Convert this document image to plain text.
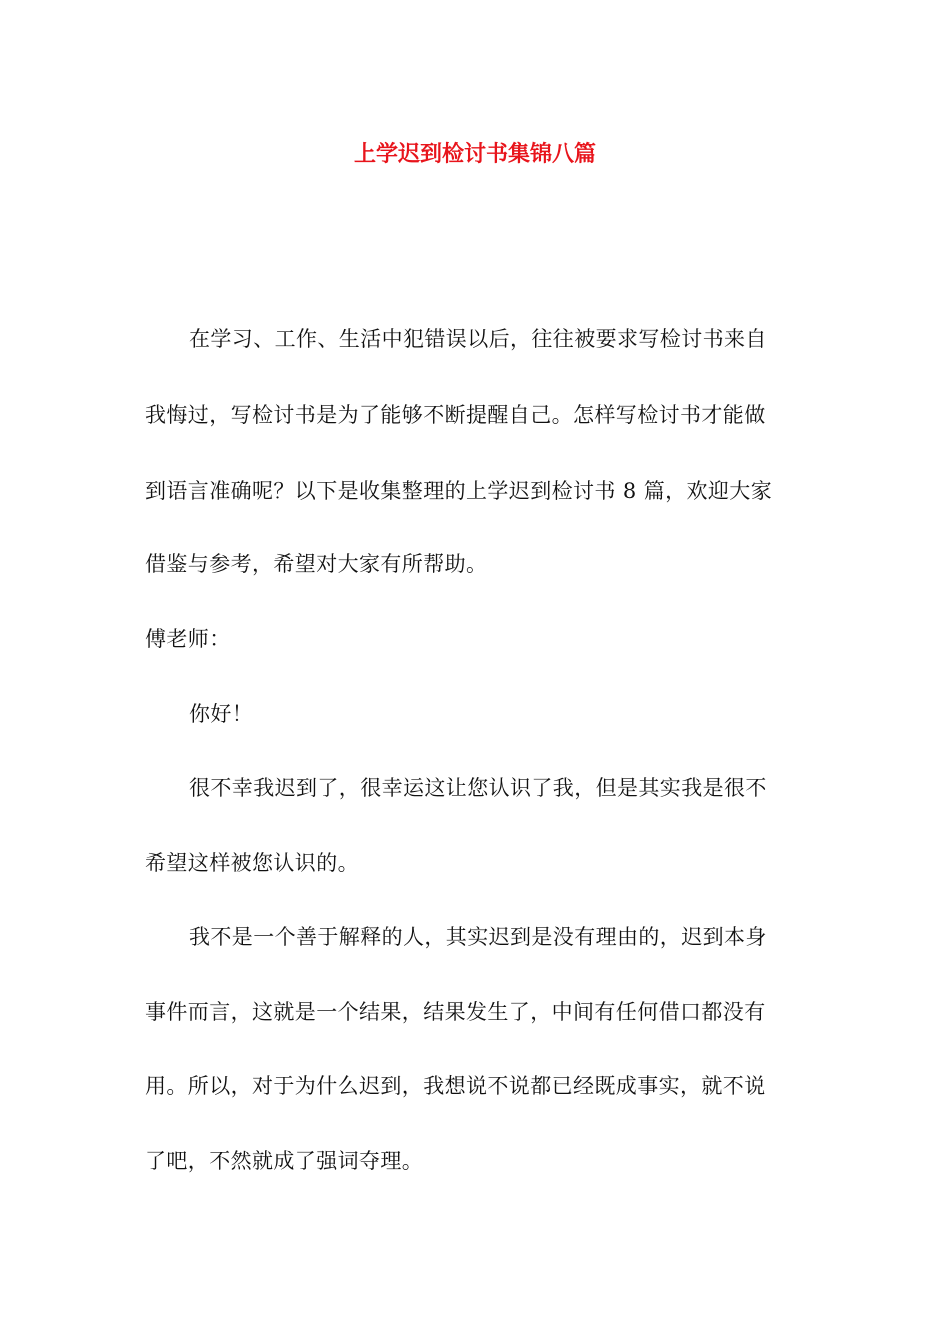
上学迟到检讨书集锦八篇
在学习、工作、生活中犯错误以后，往往被要求写检讨书来自
我悔过，写检讨书是为了能够不断提醒自己。怎样写检讨书才能做
到语言准确呢？以下是收集整理的上学迟到检讨书 8 篇，欢迎大家
借鉴与参考，希望对大家有所帮助。
傅老师：
你好！
很不幸我迟到了，很幸运这让您认识了我，但是其实我是很不
希望这样被您认识的。
我不是一个善于解释的人，其实迟到是没有理由的，迟到本身
事件而言，这就是一个结果，结果发生了，中间有任何借口都没有
用。所以，对于为什么迟到，我想说不说都已经既成事实，就不说
了吧，不然就成了强词夺理。
